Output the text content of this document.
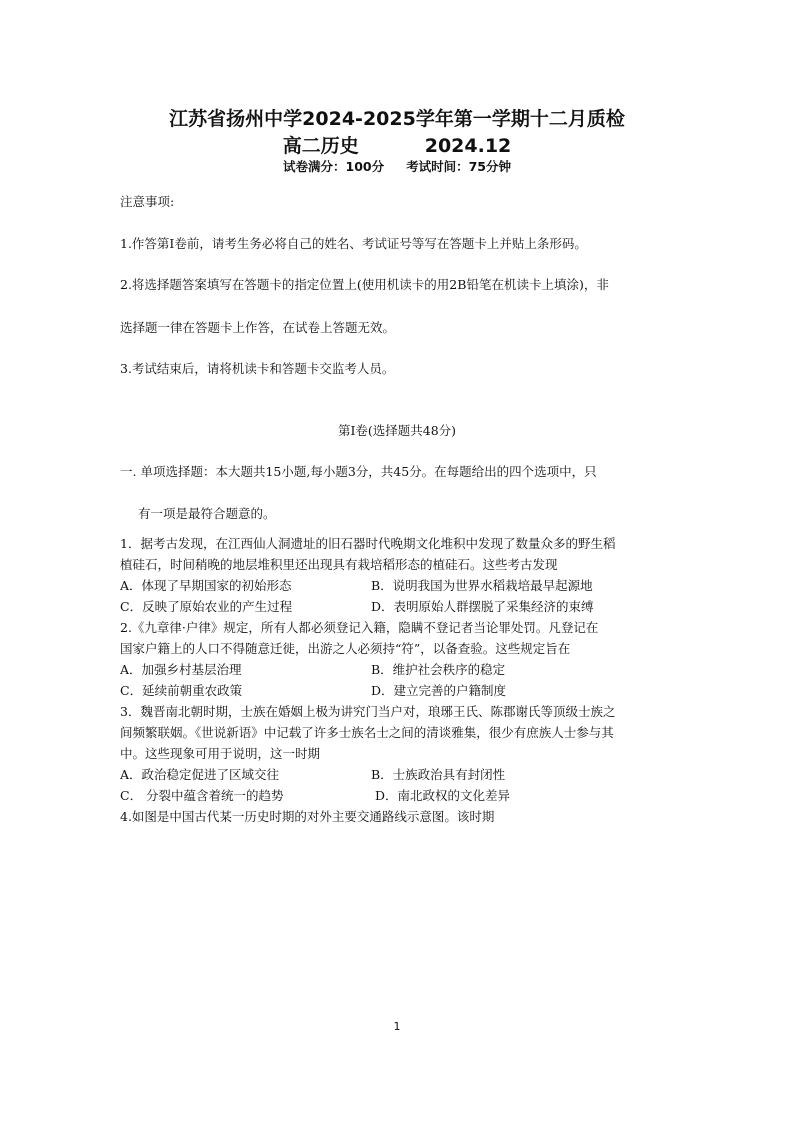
江苏省扬州中学2024-2025学年第一学期十二月质检
高二历史	2024.12
试卷满分：100分 考试时间：75分钟
注意事项:
1.作答第Ⅰ卷前，请考生务必将自己的姓名、考试证号等写在答题卡上并贴上条形码。
2.将选择题答案填写在答题卡的指定位置上(使用机读卡的用2B铅笔在机读卡上填涂)，非
选择题一律在答题卡上作答，在试卷上答题无效。
3.考试结束后，请将机读卡和答题卡交监考人员。
第Ⅰ卷(选择题共48分)
一. 单项选择题：本大题共15小题,每小题3分，共45分。在每题给出的四个选项中，只
有一项是最符合题意的。
1．据考古发现，在江西仙人洞遗址的旧石器时代晚期文化堆积中发现了数量众多的野生稻
植硅石，时间稍晚的地层堆积里还出现具有栽培稻形态的植硅石。这些考古发现
A．体现了早期国家的初始形态	B．说明我国为世界水稻栽培最早起源地
C．反映了原始农业的产生过程	D．表明原始人群摆脱了采集经济的束缚
2.《九章律·户律》规定，所有人都必须登记入籍，隐瞒不登记者当论罪处罚。凡登记在
国家户籍上的人口不得随意迁徙，出游之人必须持“符”，以备查验。这些规定旨在
A．加强乡村基层治理	B．维护社会秩序的稳定
C．延续前朝重农政策	D．建立完善的户籍制度
3．魏晋南北朝时期，士族在婚姻上极为讲究门当户对，琅琊王氏、陈郡谢氏等顶级士族之
间频繁联姻。《世说新语》中记载了许多士族名士之间的清谈雅集，很少有庶族人士参与其
中。这些现象可用于说明，这一时期
A．政治稳定促进了区域交往	B．士族政治具有封闭性
C． 分裂中蕴含着统一的趋势	D．南北政权的文化差异
4.如图是中国古代某一历史时期的对外主要交通路线示意图。该时期
1
